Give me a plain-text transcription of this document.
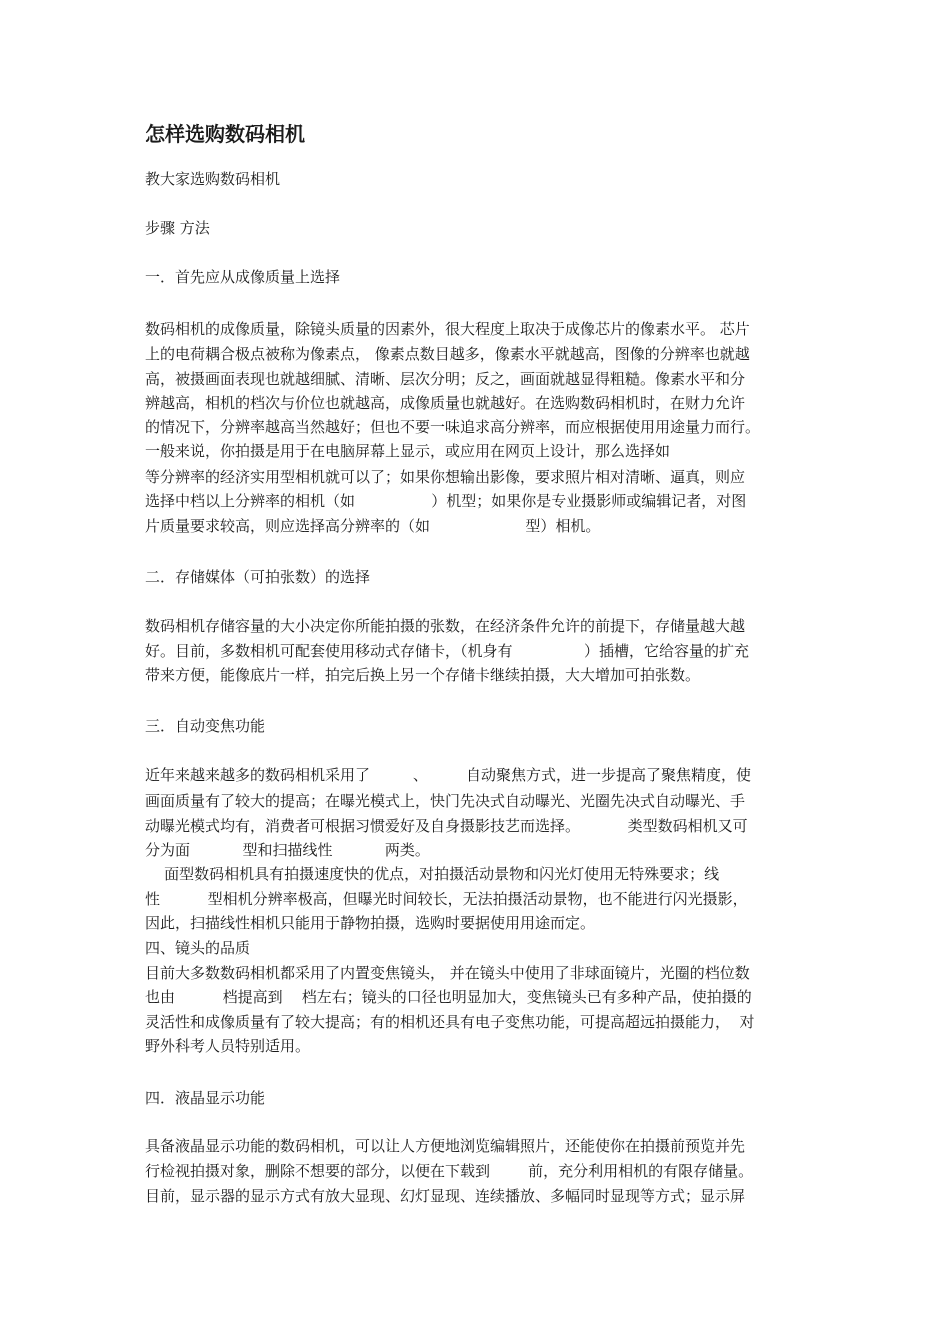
怎样选购数码相机

教大家选购数码相机

步骤 方法

一．首先应从成像质量上选择

数码相机的成像质量，除镜头质量的因素外，很大程度上取决于成像芯片的像素水平。 芯片

上的电荷耦合极点被称为像素点， 像素点数目越多，像素水平就越高，图像的分辨率也就越

高，被摄画面表现也就越细腻、清晰、层次分明；反之，画面就越显得粗糙。像素水平和分

辨越高，相机的档次与价位也就越高，成像质量也就越好。在选购数码相机时，在财力允许

的情况下，分辨率越高当然越好；但也不要一味追求高分辨率，而应根据使用用途量力而行。

一般来说，你拍摄是用于在电脑屏幕上显示，或应用在网页上设计，那么选择如

等分辨率的经济实用型相机就可以了；如果你想输出影像，要求照片相对清晰、逼真，则应

选择中档以上分辨率的相机（如                ）机型；如果你是专业摄影师或编辑记者，对图

片质量要求较高，则应选择高分辨率的（如                    型）相机。

二．存储媒体（可拍张数）的选择

数码相机存储容量的大小决定你所能拍摄的张数，在经济条件允许的前提下，存储量越大越

好。目前，多数相机可配套使用移动式存储卡，（机身有               ）插槽，它给容量的扩充

带来方便，能像底片一样，拍完后换上另一个存储卡继续拍摄，大大增加可拍张数。

三．自动变焦功能

近年来越来越多的数码相机采用了         、        自动聚焦方式，进一步提高了聚焦精度，使

画面质量有了较大的提高；在曝光模式上，快门先决式自动曝光、光圈先决式自动曝光、手

动曝光模式均有，消费者可根据习惯爱好及自身摄影技艺而选择。          类型数码相机又可

分为面           型和扫描线性           两类。

面型数码相机具有拍摄速度快的优点，对拍摄活动景物和闪光灯使用无特殊要求；线

性          型相机分辨率极高，但曝光时间较长，无法拍摄活动景物，也不能进行闪光摄影，

因此，扫描线性相机只能用于静物拍摄，选购时要据使用用途而定。

四、镜头的品质

目前大多数数码相机都采用了内置变焦镜头， 并在镜头中使用了非球面镜片，光圈的档位数

也由          档提高到    档左右；镜头的口径也明显加大，变焦镜头已有多种产品，使拍摄的

灵活性和成像质量有了较大提高；有的相机还具有电子变焦功能，可提高超远拍摄能力，  对

野外科考人员特别适用。

四．液晶显示功能

具备液晶显示功能的数码相机，可以让人方便地浏览编辑照片，还能使你在拍摄前预览并先

行检视拍摄对象，删除不想要的部分，以便在下载到        前，充分利用相机的有限存储量。

目前，显示器的显示方式有放大显现、幻灯显现、连续播放、多幅同时显现等方式；显示屏
